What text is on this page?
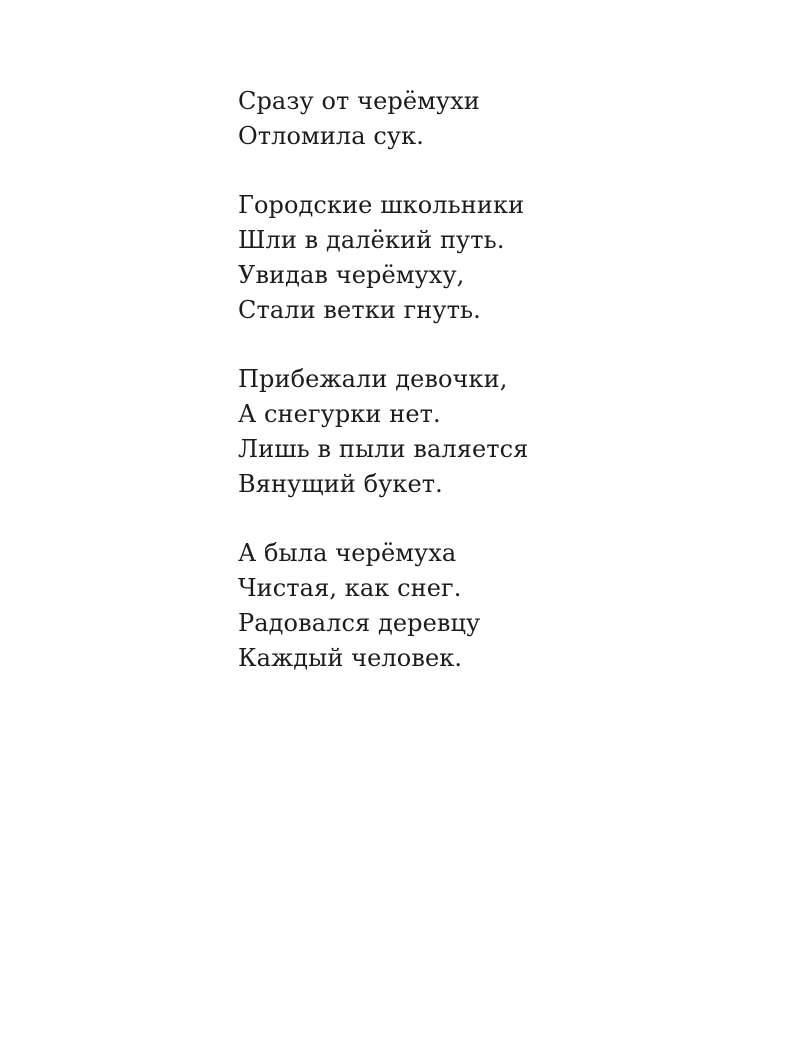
Сразу от черёмухи
Отломила сук.
Городские школьники
Шли в далёкий путь.
Увидав черёмуху,
Стали ветки гнуть.
Прибежали девочки,
А снегурки нет.
Лишь в пыли валяется
Вянущий букет.
А была черёмуха
Чистая, как снег.
Радовался деревцу
Каждый человек.
